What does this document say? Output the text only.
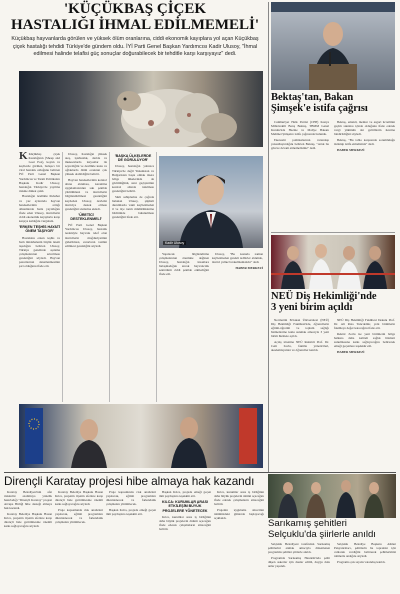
'KÜÇÜKBAŞ ÇİÇEK
HASTALIĞI İHMAL EDİLMEMELİ'
Küçükbaş hayvanlarda görülen ve yüksek ölüm oranlarına, ciddi ekonomik kayıplara yol açan Küçükbaş çiçek hastalığı tehdidi Türkiye'de gündem oldu. İYİ Parti Genel Başkan Yardımcısı Kadir Ulusoy, "İhmal edilmesi halinde telafisi güç sonuçlar doğurabilecek bir tehditle karşı karşıyayız" dedi.

K Küçükbaş çiçek hastalığının (Sheep and Goat Pox), koyun ve keçilerde görülen, bulaşıcı bir viral hastalık olduğunu belirten İYİ Parti Genel Başkan Yardımcısı ve Tarım Politikaları Başkanı Kadir Ulusoy, hastalığın Türkiye'de yayılma riskine dikkat çekti.

Hastalığın özellikle ilkbahar ve yaz aylarında hayvan hareketlerinin arttığı dönemlerde hızla yayıldığını ifade eden Ulusoy, üreticilerin ciddi ekonomik kayıplarla karşı karşıya kaldığını vurguladı.

'ERKEN TEŞHİS HAYATİ ÖNEM TAŞIYOR'

Hastalıkta erken teşhis ve hızlı müdahalenin büyük önem taşıdığını belirten Ulusoy, Türkiye genelinde aşılama çalışmalarının artırılması gerektiğini söyledi. Hayvan pazarlarının denetlenmesinin şart olduğunu ifade etti.

Ulusoy, hastalığın yüksek ateş, iştahsızlık, deride ve mukozalarda lezyonlar ile seyrettiğini ve özellikle kuzu ve oğlaklarda ölüm oranının çok yüksek olabildiğini belirtti.

Hayvan hareketlerinin kontrol altına alınması, karantina uygulamalarının sıkı şekilde yürütülmesi ve üreticilerin bilgilendirilmesi gerektiğini kaydeden Ulusoy, devletin üreticiye destek olması gerektiğini sözlerine ekledi.

'ÜRETİCİ DESTEKLENMELİ'

İYİ Parti Genel Başkan Yardımcısı Ulusoy, hastalık nedeniyle hayvanı telef olan üreticilerin mağduriyetinin giderilmesi, zararların tazmin edilmesi gerektiğini söyledi.

'BAŞKA ÜLKELERDE DE GÖRÜLÜYOR'

Ulusoy, hastalığın yalnızca Türkiye'de değil Yunanistan ve Bulgaristan başta olmak üzere bölge ülkelerinde de görüldüğünü, sınır geçişlerinin kontrol altında tutulması gerektiğini belirtti.

Sürü sahiplerine de çağrıda bulunan Ulusoy, şüpheli durumlarda vakit kaybetmeden il ve ilçe tarım müdürlüklerine bildirimde bulunulması gerektiğini ifade etti.

Kadir Ulusoy

Yapılacak bilgilendirme çalışmalarının önemine değinen Ulusoy, hastalığın insanlara bulaşmadığını ancak hayvancılık sektörünü ciddi şekilde etkilediğini ifade etti.

Ulusoy, "Bu konuda zaman kaybetmeden gerekli tedbirler alınmalı, üretici yalnız bırakılmamalıdır" dedi.

HABER MERKEZİ

Bektaş'tan, Bakan
Şimşek'e istifa çağrısı

Cumhuriyet Halk Partisi (CHP) Konya Milletvekili Barış Bektaş, TBMM Genel Kurulu'nda Hazine ve Maliye Bakanı Mehmet Şimşek'e istifa çağrısında bulundu.

Ekonomi politikalarının vatandaşı yoksullaştırdığını belirten Bektaş, "Artık bu göreve devam etmemelisiniz" dedi.

Bektaş, emekli, memur ve asgari ücretlinin geçim sıkıntısı içinde olduğunu ifade ederek vergi yükünün dar gelirlilerin üzerine bindirildiğini söyledi.

Bektaş, "Bu tablo karşısında sorumluluğu üstlenip istifa etmelisiniz" dedi.

HABER MERKEZİ

NEÜ Diş Hekimliği'nde
3 yeni birim açıldı

Necmettin Erbakan Üniversitesi (NEÜ) Diş Hekimliği Fakültesi'nde, öğrencilerin eğitim-öğretim ve toplum sağlığı hizmetlerine katkı sunmak amacıyla 3 yeni birim hizmete açıldı.

Açılış törenine NEÜ Rektörü Prof. Dr. Cem Zorlu, fakülte yöneticileri, akademisyenler ve öğrenciler katıldı.

NEÜ Diş Hekimliği Fakültesi Dekanı Prof. Dr. Ali Rıza Tuncdemir, yeni birimlerin fakülteye değer katacağını ifade etti.

Rektör Zorlu ise yeni birimlerin bölge halkına daha kaliteli sağlık hizmeti sunulmasına katkı sağlayacağını belirterek emeği geçenlere teşekkür etti.

HABER MERKEZİ

Dirençli Karatay projesi hibe almaya hak kazandı

Karatay Belediyesi'nin afet risklerini azaltmaya yönelik hazırladığı "Dirençli Karatay" projesi Avrupa Birliği hibe desteği almaya hak kazandı.

Karatay Belediye Başkanı Hasan Kılca, projenin ilçenin afetlere karşı dirençli hale getirilmesine önemli katkı sağlayacağını söyledi.

Karatay Belediye Başkanı Hasan Kılca, projenin ilçenin afetlere karşı dirençli hale getirilmesine önemli katkı sağlayacağını söyledi.

Proje kapsamında risk analizleri yapılacak, eğitim programları düzenlenecek ve farkındalık çalışmaları yürütülecek.

Proje kapsamında risk analizleri yapılacak, eğitim programları düzenlenecek ve farkındalık çalışmaları yürütülecek.

Başkan Kılca, projede emeği geçen tüm paydaşlara teşekkür etti.

Başkan Kılca, projede emeği geçen tüm paydaşlara teşekkür etti.

KILCA: KURUMLAR ARASI ETKİLEŞİM BÜYÜK PROJELERE YÖNETECEK

Kılca, kurumlar arası iş birliğinin daha büyük projelerin önünü açacağını ifade ederek çalışmaların süreceğini belirtti.

Kılca, kurumlar arası iş birliğinin daha büyük projelerin önünü açacağını ifade ederek çalışmaların süreceğini belirtti.

Projenin uygulama sürecinin önümüzdeki günlerde başlayacağı açıklandı.	Sarıkamış şehitleri
Selçuklu'da şiirlerle anıldı

Selçuklu Belediyesi tarafından Sarıkamış şehitlerini anmak amacıyla düzenlenen programda şehitler şiirlerle anıldı.

Programda Sarıkamış Harekâtı'nda şehit düşen askerler için dualar edildi, duygu dolu anlar yaşandı.

Selçuklu Belediye Başkanı Ahmet Pekyatırmacı, şehitlerin bu topraklar için canlarını verdiğini belirterek şehitlerimizi rahmetle andığını söyledi.

Programa çok sayıda vatandaş katıldı.
